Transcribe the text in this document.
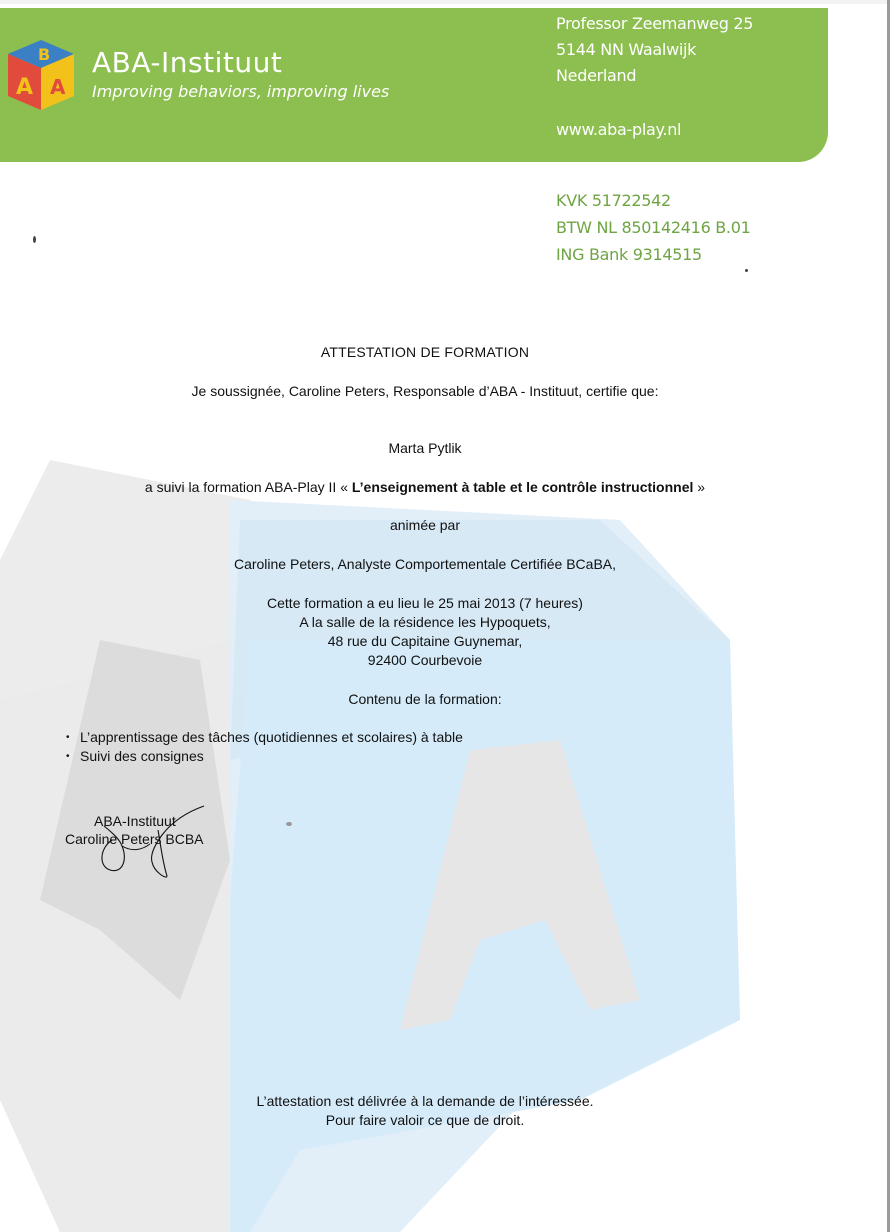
B
A A
ABA-Instituut
Improving behaviors, improving lives
Professor Zeemanweg 25
5144 NN Waalwijk
Nederland
www.aba-play.nl
KVK 51722542
BTW NL 850142416 B.01
ING Bank 9314515
ATTESTATION DE FORMATION
Je soussignée, Caroline Peters, Responsable d’ABA - Instituut, certifie que:
Marta Pytlik
a suivi la formation ABA-Play II « L’enseignement à table et le contrôle instructionnel »
animée par
Caroline Peters, Analyste Comportementale Certifiée BCaBA,
Cette formation a eu lieu le 25 mai 2013 (7 heures)
A la salle de la résidence les Hypoquets,
48 rue du Capitaine Guynemar,
92400 Courbevoie
Contenu de la formation:
• L’apprentissage des tâches (quotidiennes et scolaires) à table
• Suivi des consignes
ABA-Instituut
Caroline Peters BCBA
L’attestation est délivrée à la demande de l’intéressée.
Pour faire valoir ce que de droit.
